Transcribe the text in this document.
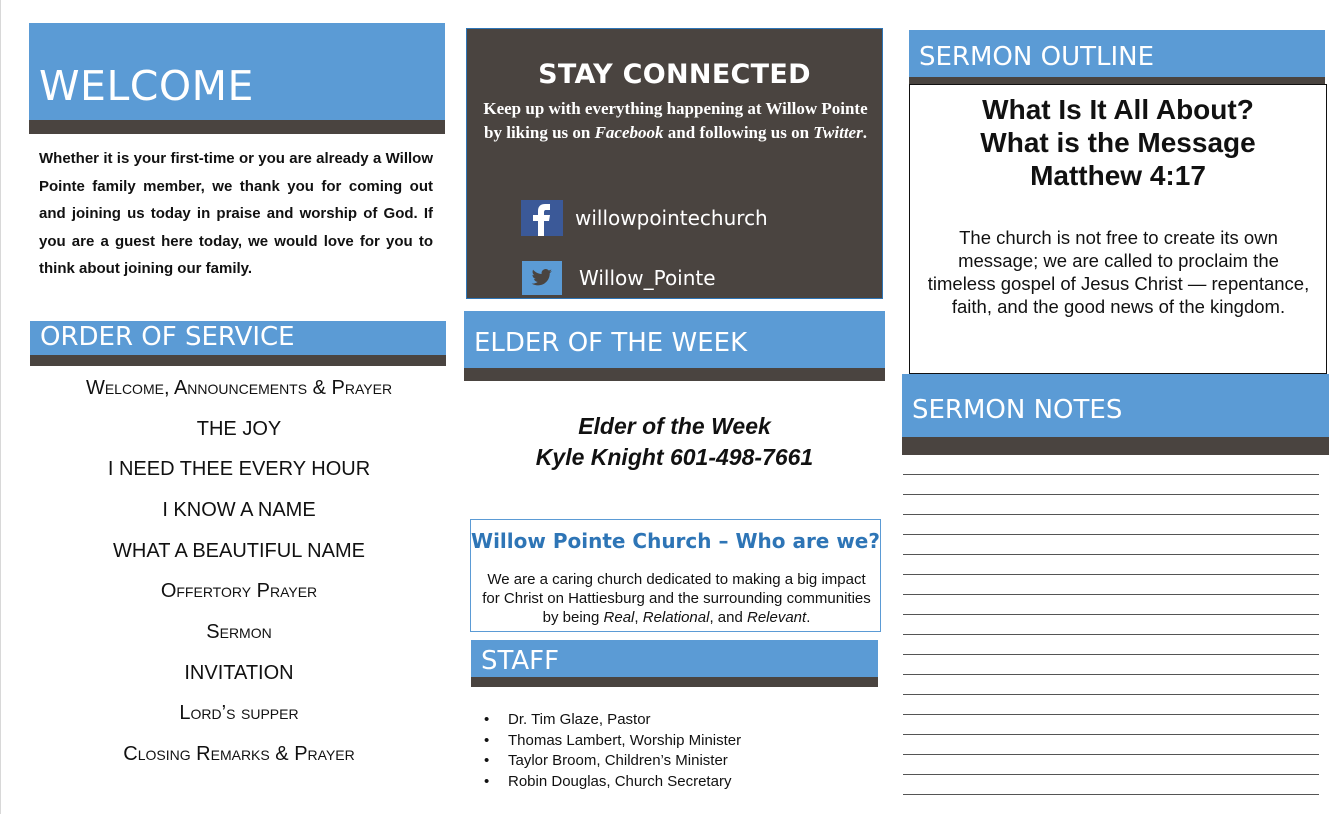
WELCOME

Whether it is your first-time or you are already a Willow Pointe family member, we thank you for coming out and joining us today in praise and worship of God. If you are a guest here today, we would love for you to think about joining our family.

ORDER OF SERVICE
Welcome, Announcements & Prayer
THE JOY
I NEED THEE EVERY HOUR
I KNOW A NAME
WHAT A BEAUTIFUL NAME
Offertory Prayer
Sermon
INVITATION
Lord’s supper
Closing Remarks & Prayer
STAY CONNECTED

Keep up with everything happening at Willow Pointe by liking us on Facebook and following us on Twitter.

willowpointechurch
Willow_Pointe
ELDER OF THE WEEK
Elder of the Week
Kyle Knight 601-498-7661
Willow Pointe Church – Who are we?

We are a caring church dedicated to making a big impact for Christ on Hattiesburg and the surrounding communities by being Real, Relational, and Relevant.

STAFF
• Dr. Tim Glaze, Pastor
• Thomas Lambert, Worship Minister
• Taylor Broom, Children’s Minister
• Robin Douglas, Church Secretary
SERMON OUTLINE
What Is It All About?
What is the Message
Matthew 4:17

The church is not free to create its own message; we are called to proclaim the timeless gospel of Jesus Christ — repentance, faith, and the good news of the kingdom.

SERMON NOTES
